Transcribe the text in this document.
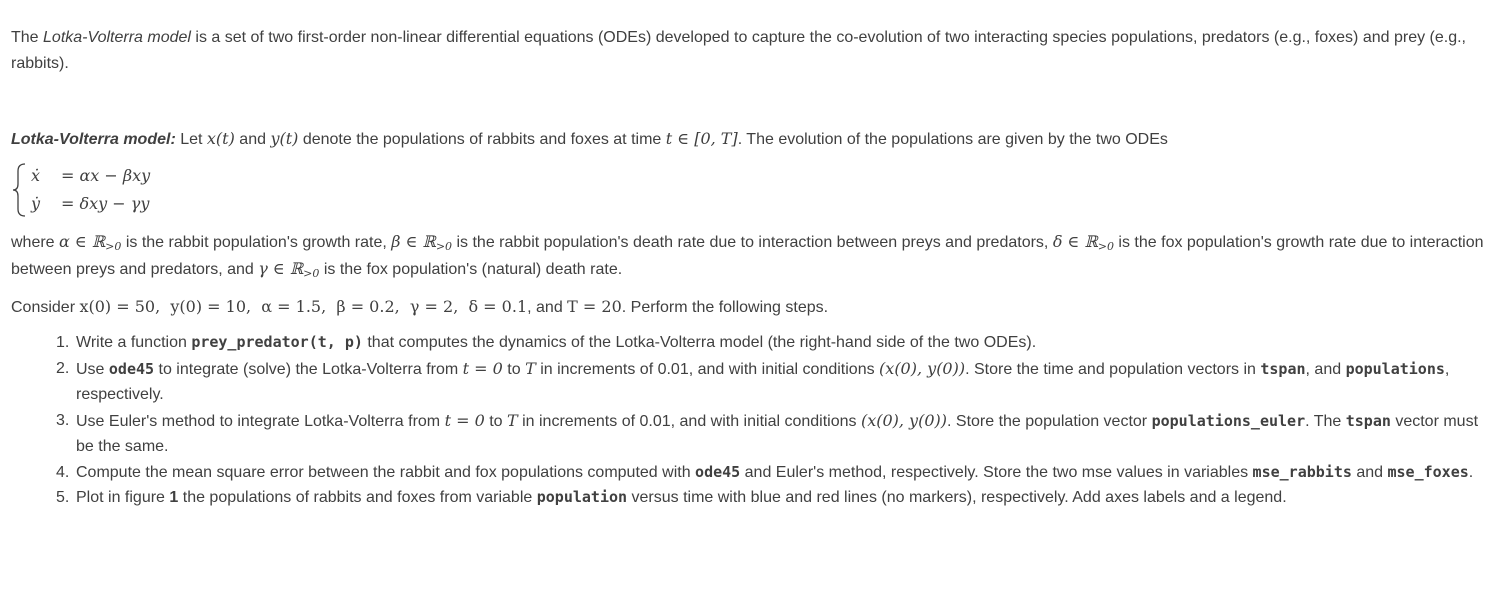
The Lotka-Volterra model is a set of two first-order non-linear differential equations (ODEs) developed to capture the co-evolution of two interacting species populations, predators (e.g., foxes) and prey (e.g., rabbits).

Lotka-Volterra model: Let x(t) and y(t) denote the populations of rabbits and foxes at time t ∈ [0, T]. The evolution of the populations are given by the two ODEs

ẋ = αx − βxy
ẏ = δxy − γy

where α ∈ ℝ$_{>0}$ is the rabbit population's growth rate, β ∈ ℝ$_{>0}$ is the rabbit population's death rate due to interaction between preys and predators, δ ∈ ℝ$_{>0}$ is the fox population's growth rate due to interaction between preys and predators, and γ ∈ ℝ$_{>0}$ is the fox population's (natural) death rate.

Consider x(0) = 50,  y(0) = 10,  α = 1.5,  β = 0.2,  γ = 2,  δ = 0.1, and T = 20. Perform the following steps.

1. Write a function prey_predator(t, p) that computes the dynamics of the Lotka-Volterra model (the right-hand side of the two ODEs).
2. Use ode45 to integrate (solve) the Lotka-Volterra from t = 0 to T in increments of 0.01, and with initial conditions (x(0), y(0)). Store the time and population vectors in tspan, and populations, respectively.
3. Use Euler's method to integrate Lotka-Volterra from t = 0 to T in increments of 0.01, and with initial conditions (x(0), y(0)). Store the population vector populations_euler. The tspan vector must be the same.
4. Compute the mean square error between the rabbit and fox populations computed with ode45 and Euler's method, respectively. Store the two mse values in variables mse_rabbits and mse_foxes.
5. Plot in figure 1 the populations of rabbits and foxes from variable population versus time with blue and red lines (no markers), respectively. Add axes labels and a legend.
